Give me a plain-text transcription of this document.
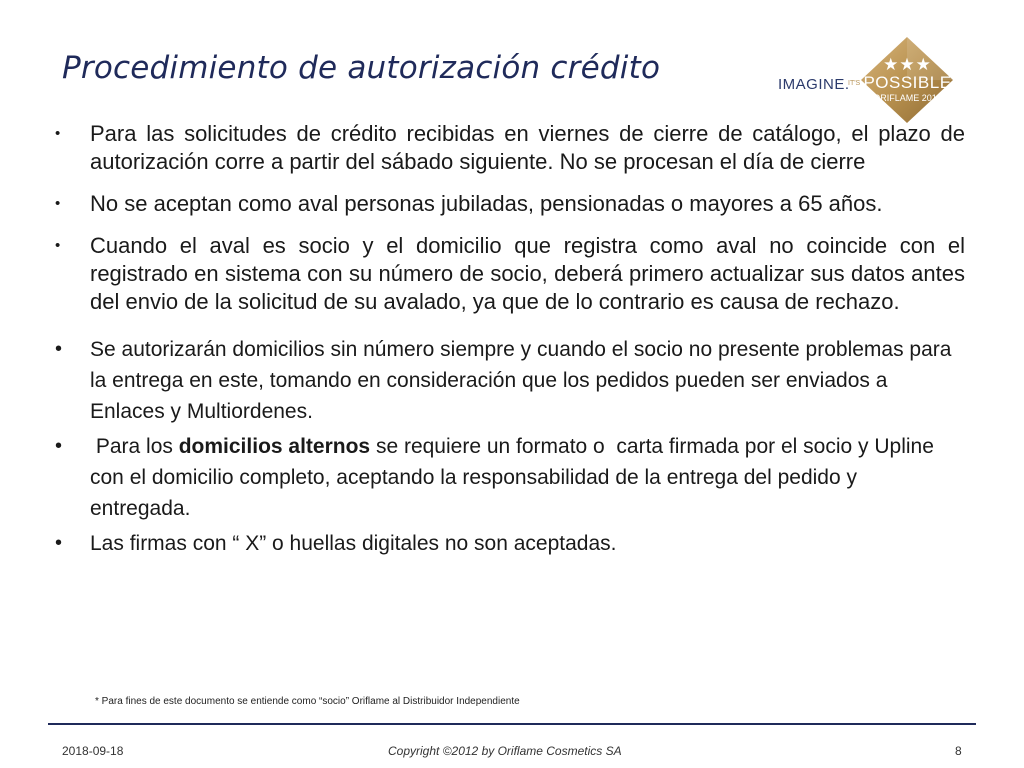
Procedimiento de autorización crédito	IMAGINE.
IT'S
★★★
POSSIBLE
ORIFLAME 2012
• Para las solicitudes de crédito recibidas en viernes de cierre de catálogo, el plazo de autorización corre a partir del sábado siguiente. No se procesan el día de cierre
• No se aceptan como aval personas jubiladas, pensionadas o mayores a 65 años.
• Cuando el aval es socio y el domicilio que registra como aval no coincide con el registrado en sistema con su número de socio, deberá primero actualizar sus datos antes del envio de la solicitud de su avalado, ya que de lo contrario es causa de rechazo.
• Se autorizarán domicilios sin número siempre y cuando el socio no presente problemas para la entrega en este, tomando en consideración que los pedidos pueden ser enviados a Enlaces y Multiordenes.
• Para los domicilios alternos se requiere un formato o  carta firmada por el socio y Upline con el domicilio completo, aceptando la responsabilidad de la entrega del pedido y entregada.
• Las firmas con “ X” o huellas digitales no son aceptadas.
* Para fines de este documento se entiende como “socio” Oriflame al Distribuidor Independiente
2018-09-18	Copyright ©2012 by Oriflame Cosmetics SA	8
